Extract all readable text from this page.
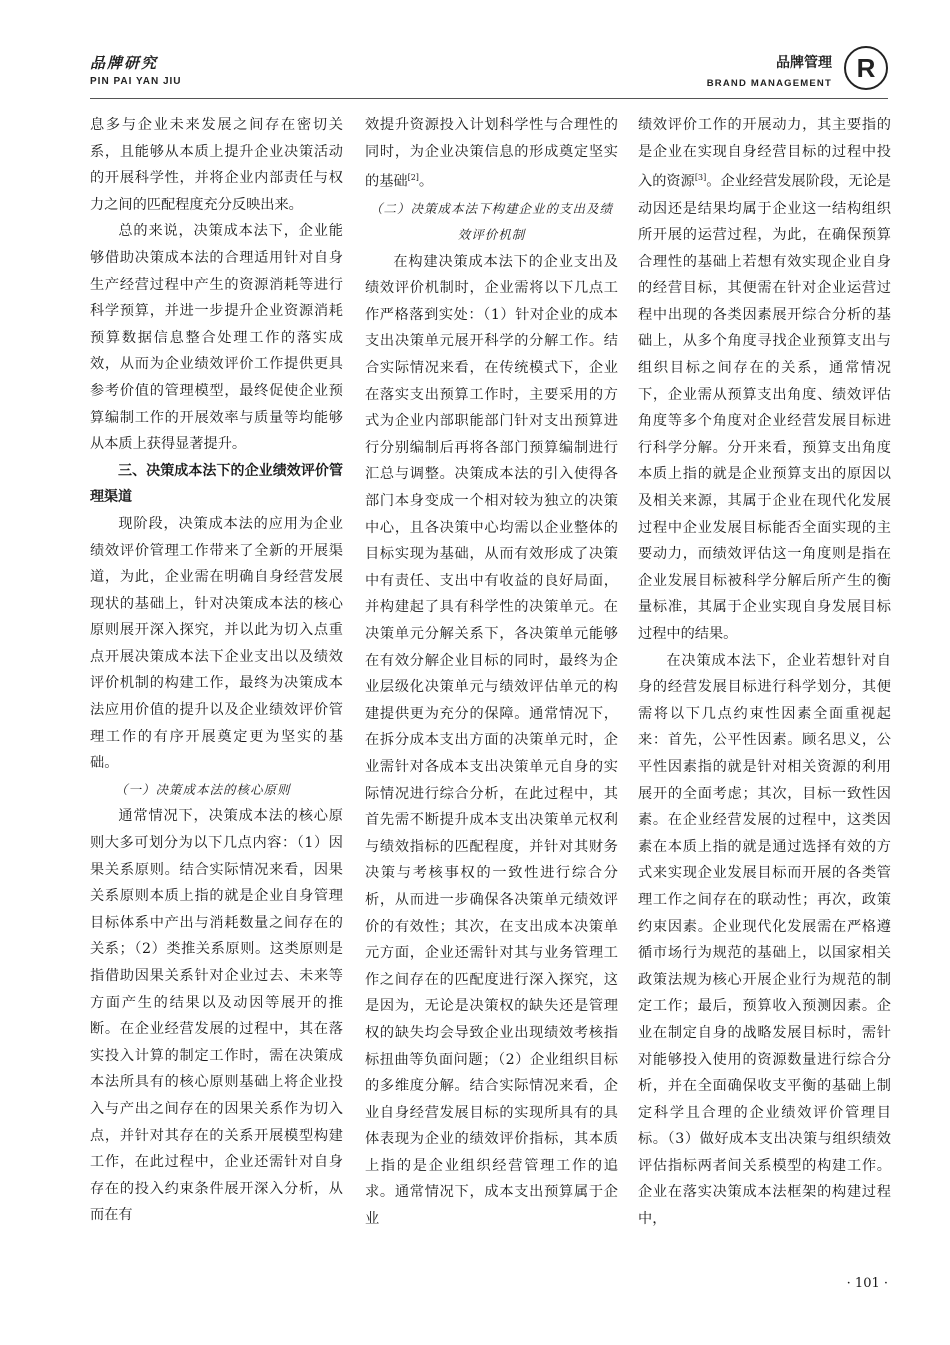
品牌研究
PIN PAI YAN JIU
品牌管理
BRAND MANAGEMENT
R

息多与企业未来发展之间存在密切关系，且能够从本质上提升企业决策活动的开展科学性，并将企业内部责任与权力之间的匹配程度充分反映出来。

总的来说，决策成本法下，企业能够借助决策成本法的合理适用针对自身生产经营过程中产生的资源消耗等进行科学预算，并进一步提升企业资源消耗预算数据信息整合处理工作的落实成效，从而为企业绩效评价工作提供更具参考价值的管理模型，最终促使企业预算编制工作的开展效率与质量等均能够从本质上获得显著提升。

三、决策成本法下的企业绩效评价管理渠道

现阶段，决策成本法的应用为企业绩效评价管理工作带来了全新的开展渠道，为此，企业需在明确自身经营发展现状的基础上，针对决策成本法的核心原则展开深入探究，并以此为切入点重点开展决策成本法下企业支出以及绩效评价机制的构建工作，最终为决策成本法应用价值的提升以及企业绩效评价管理工作的有序开展奠定更为坚实的基础。

（一）决策成本法的核心原则

通常情况下，决策成本法的核心原则大多可划分为以下几点内容：（1）因果关系原则。结合实际情况来看，因果关系原则本质上指的就是企业自身管理目标体系中产出与消耗数量之间存在的关系；（2）类推关系原则。这类原则是指借助因果关系针对企业过去、未来等方面产生的结果以及动因等展开的推断。在企业经营发展的过程中，其在落实投入计算的制定工作时，需在决策成本法所具有的核心原则基础上将企业投入与产出之间存在的因果关系作为切入点，并针对其存在的关系开展模型构建工作，在此过程中，企业还需针对自身存在的投入约束条件展开深入分析，从而在有

效提升资源投入计划科学性与合理性的同时，为企业决策信息的形成奠定坚实的基础[2]。

（二）决策成本法下构建企业的支出及绩效评价机制

在构建决策成本法下的企业支出及绩效评价机制时，企业需将以下几点工作严格落到实处：（1）针对企业的成本支出决策单元展开科学的分解工作。结合实际情况来看，在传统模式下，企业在落实支出预算工作时，主要采用的方式为企业内部职能部门针对支出预算进行分别编制后再将各部门预算编制进行汇总与调整。决策成本法的引入使得各部门本身变成一个相对较为独立的决策中心，且各决策中心均需以企业整体的目标实现为基础，从而有效形成了决策中有责任、支出中有收益的良好局面，并构建起了具有科学性的决策单元。在决策单元分解关系下，各决策单元能够在有效分解企业目标的同时，最终为企业层级化决策单元与绩效评估单元的构建提供更为充分的保障。通常情况下，在拆分成本支出方面的决策单元时，企业需针对各成本支出决策单元自身的实际情况进行综合分析，在此过程中，其首先需不断提升成本支出决策单元权利与绩效指标的匹配程度，并针对其财务决策与考核事权的一致性进行综合分析，从而进一步确保各决策单元绩效评价的有效性；其次，在支出成本决策单元方面，企业还需针对其与业务管理工作之间存在的匹配度进行深入探究，这是因为，无论是决策权的缺失还是管理权的缺失均会导致企业出现绩效考核指标扭曲等负面问题；（2）企业组织目标的多维度分解。结合实际情况来看，企业自身经营发展目标的实现所具有的具体表现为企业的绩效评价指标，其本质上指的是企业组织经营管理工作的追求。通常情况下，成本支出预算属于企业

绩效评价工作的开展动力，其主要指的是企业在实现自身经营目标的过程中投入的资源[3]。企业经营发展阶段，无论是动因还是结果均属于企业这一结构组织所开展的运营过程，为此，在确保预算合理性的基础上若想有效实现企业自身的经营目标，其便需在针对企业运营过程中出现的各类因素展开综合分析的基础上，从多个角度寻找企业预算支出与组织目标之间存在的关系，通常情况下，企业需从预算支出角度、绩效评估角度等多个角度对企业经营发展目标进行科学分解。分开来看，预算支出角度本质上指的就是企业预算支出的原因以及相关来源，其属于企业在现代化发展过程中企业发展目标能否全面实现的主要动力，而绩效评估这一角度则是指在企业发展目标被科学分解后所产生的衡量标准，其属于企业实现自身发展目标过程中的结果。

在决策成本法下，企业若想针对自身的经营发展目标进行科学划分，其便需将以下几点约束性因素全面重视起来：首先，公平性因素。顾名思义，公平性因素指的就是针对相关资源的利用展开的全面考虑；其次，目标一致性因素。在企业经营发展的过程中，这类因素在本质上指的就是通过选择有效的方式来实现企业发展目标而开展的各类管理工作之间存在的联动性；再次，政策约束因素。企业现代化发展需在严格遵循市场行为规范的基础上，以国家相关政策法规为核心开展企业行为规范的制定工作；最后，预算收入预测因素。企业在制定自身的战略发展目标时，需针对能够投入使用的资源数量进行综合分析，并在全面确保收支平衡的基础上制定科学且合理的企业绩效评价管理目标。（3）做好成本支出决策与组织绩效评估指标两者间关系模型的构建工作。企业在落实决策成本法框架的构建过程中，

· 101 ·
